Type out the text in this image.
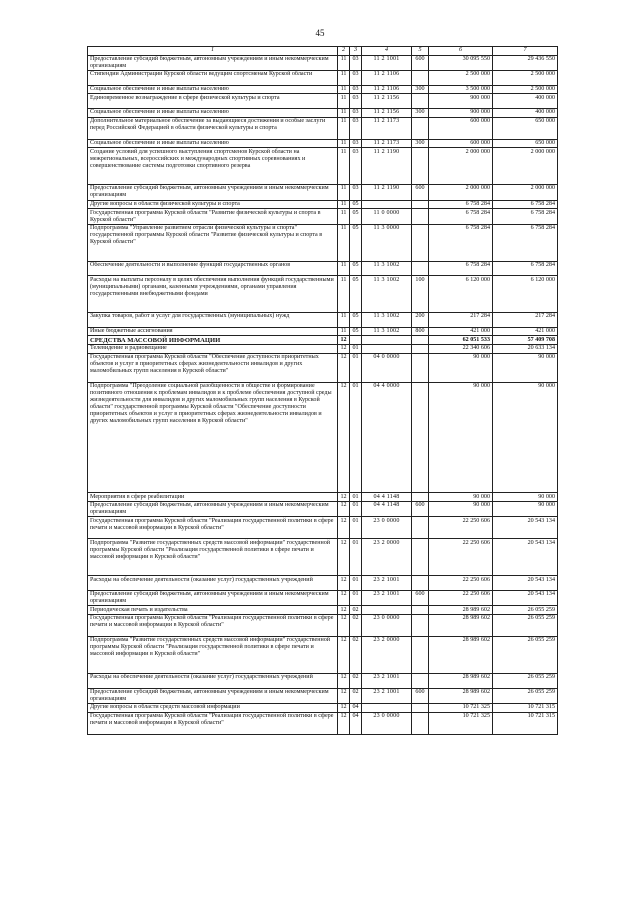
45
1	2	3	4	5	6	7
Предоставление субсидий бюджетным, автономным учреждениям и иным некоммерческим организациям	11	03	11 2 1001	600	30 095 550	29 436 550
Стипендии Администрации Курской области ведущим спортсменам Курской области	11	03	11 2 1106		2 500 000	2 500 000
Социальное обеспечение и иные выплаты населению	11	03	11 2 1106	300	3 500 000	2 500 000
Единовременное вознаграждение в сфере физической культуры и спорта	11	03	11 2 1156		900 000	400 000
Социальное обеспечение и иные выплаты населению	11	03	11 2 1156	300	900 000	400 000
Дополнительное материальное обеспечение за выдающиеся достижения и особые заслуги перед Российской Федерацией в области физической культуры и спорта	11	03	11 2 1173		600 000	650 000
Социальное обеспечение и иные выплаты населению	11	03	11 2 1173	300	600 000	650 000
Создание условий для успешного выступления спортсменов Курской области на межрегиональных, всероссийских и международных спортивных соревнованиях и совершенствование системы подготовки спортивного резерва	11	03	11 2 1190		2 000 000	2 000 000
Предоставление субсидий бюджетным, автономным учреждениям и иным некоммерческим организациям	11	03	11 2 1190	600	2 000 000	2 000 000
Другие вопросы в области физической культуры и спорта	11	05			6 758 284	6 758 284
Государственная программа Курской области "Развитие физической культуры и спорта в Курской области"	11	05	11 0 0000		6 758 284	6 758 284
Подпрограмма "Управление развитием отрасли физической культуры и спорта" государственной программы Курской области "Развитие физической культуры и спорта в Курской области"	11	05	11 3 0000		6 758 284	6 758 284
Обеспечение деятельности и выполнение функций государственных органов	11	05	11 3 1002		6 758 284	6 758 284
Расходы на выплаты персоналу в целях обеспечения выполнения функций государственными (муниципальными) органами, казенными учреждениями, органами управления государственными внебюджетными фондами	11	05	11 3 1002	100	6 120 000	6 120 000
Закупка товаров, работ и услуг для государственных (муниципальных) нужд	11	05	11 3 1002	200	217 284	217 284
Иные бюджетные ассигнования	11	05	11 3 1002	800	421 000	421 000
СРЕДСТВА МАССОВОЙ ИНФОРМАЦИИ	12				62 051 533	57 409 708
Телевидение и радиовещание	12	01			22 340 606	20 633 134
Государственная программа Курской области "Обеспечение доступности приоритетных объектов и услуг в приоритетных сферах жизнедеятельности инвалидов и других маломобильных групп населения в Курской области"	12	01	04 0 0000		90 000	90 000
Подпрограмма "Преодоление социальной разобщенности в обществе и формирование позитивного отношения к проблемам инвалидов и к проблеме обеспечения доступной среды жизнедеятельности для инвалидов и других маломобильных групп населения в Курской области" государственной программы Курской области "Обеспечение доступности приоритетных объектов и услуг в приоритетных сферах жизнедеятельности инвалидов и других маломобильных групп населения в Курской области"	12	01	04 4 0000		90 000	90 000
Мероприятия в сфере реабилитации	12	01	04 4 1148		90 000	90 000
Предоставление субсидий бюджетным, автономным учреждениям и иным некоммерческим организациям	12	01	04 4 1148	600	90 000	90 000
Государственная программа Курской области "Реализация государственной политики в сфере печати и массовой информации в Курской области"	12	01	23 0 0000		22 250 606	20 543 134
Подпрограмма "Развитие государственных средств массовой информации" государственной программы Курской области "Реализация государственной политики в сфере печати и массовой информации в Курской области"	12	01	23 2 0000		22 250 606	20 543 134
Расходы на обеспечение деятельности (оказание услуг) государственных учреждений	12	01	23 2 1001		22 250 606	20 543 134
Предоставление субсидий бюджетным, автономным учреждениям и иным некоммерческим организациям	12	01	23 2 1001	600	22 250 606	20 543 134
Периодическая печать и издательства	12	02			28 989 602	26 055 259
Государственная программа Курской области "Реализация государственной политики в сфере печати и массовой информации в Курской области"	12	02	23 0 0000		28 989 602	26 055 259
Подпрограмма "Развитие государственных средств массовой информации" государственной программы Курской области "Реализация государственной политики в сфере печати и массовой информации в Курской области"	12	02	23 2 0000		28 989 602	26 055 259
Расходы на обеспечение деятельности (оказание услуг) государственных учреждений	12	02	23 2 1001		28 989 602	26 055 259
Предоставление субсидий бюджетным, автономным учреждениям и иным некоммерческим организациям	12	02	23 2 1001	600	28 989 602	26 055 259
Другие вопросы в области средств массовой информации	12	04			10 721 325	10 721 315
Государственная программа Курской области "Реализация государственной политики в сфере печати и массовой информации в Курской области"	12	04	23 0 0000		10 721 325	10 721 315
